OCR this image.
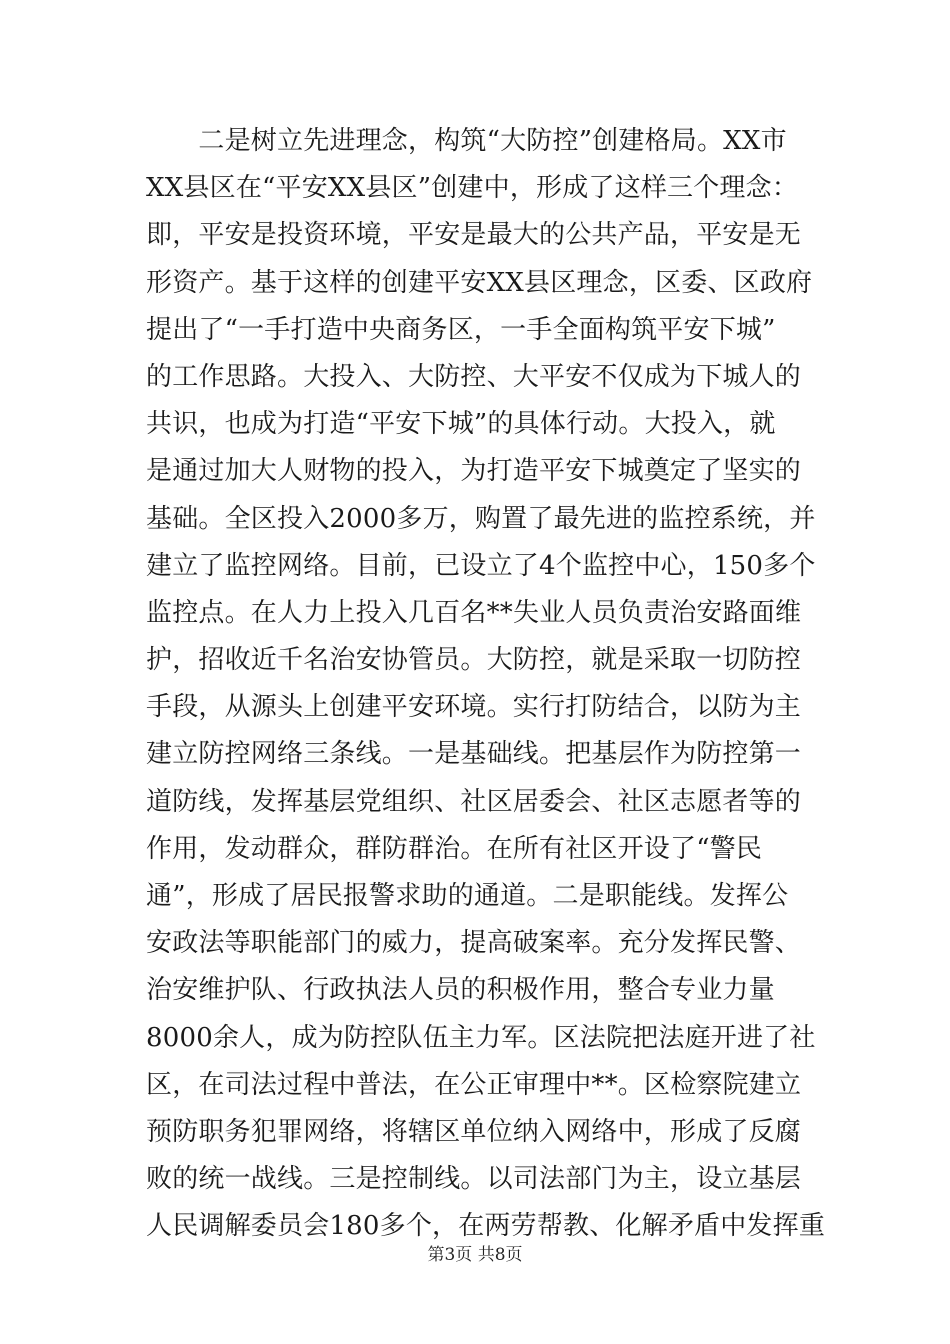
　　二是树立先进理念，构筑“大防控”创建格局。XX市
XX县区在“平安XX县区”创建中，形成了这样三个理念：
即，平安是投资环境，平安是最大的公共产品，平安是无
形资产。基于这样的创建平安XX县区理念，区委、区政府
提出了“一手打造中央商务区，一手全面构筑平安下城”
的工作思路。大投入、大防控、大平安不仅成为下城人的
共识，也成为打造“平安下城”的具体行动。大投入，就
是通过加大人财物的投入，为打造平安下城奠定了坚实的
基础。全区投入2000多万，购置了最先进的监控系统，并
建立了监控网络。目前，已设立了4个监控中心，150多个
监控点。在人力上投入几百名**失业人员负责治安路面维
护，招收近千名治安协管员。大防控，就是采取一切防控
手段，从源头上创建平安环境。实行打防结合，以防为主
建立防控网络三条线。一是基础线。把基层作为防控第一
道防线，发挥基层党组织、社区居委会、社区志愿者等的
作用，发动群众，群防群治。在所有社区开设了“警民
通”，形成了居民报警求助的通道。二是职能线。发挥公
安政法等职能部门的威力，提高破案率。充分发挥民警、
治安维护队、行政执法人员的积极作用，整合专业力量
8000余人，成为防控队伍主力军。区法院把法庭开进了社
区，在司法过程中普法，在公正审理中**。区检察院建立
预防职务犯罪网络，将辖区单位纳入网络中，形成了反腐
败的统一战线。三是控制线。以司法部门为主，设立基层
人民调解委员会180多个，在两劳帮教、化解矛盾中发挥重
第3页 共8页
